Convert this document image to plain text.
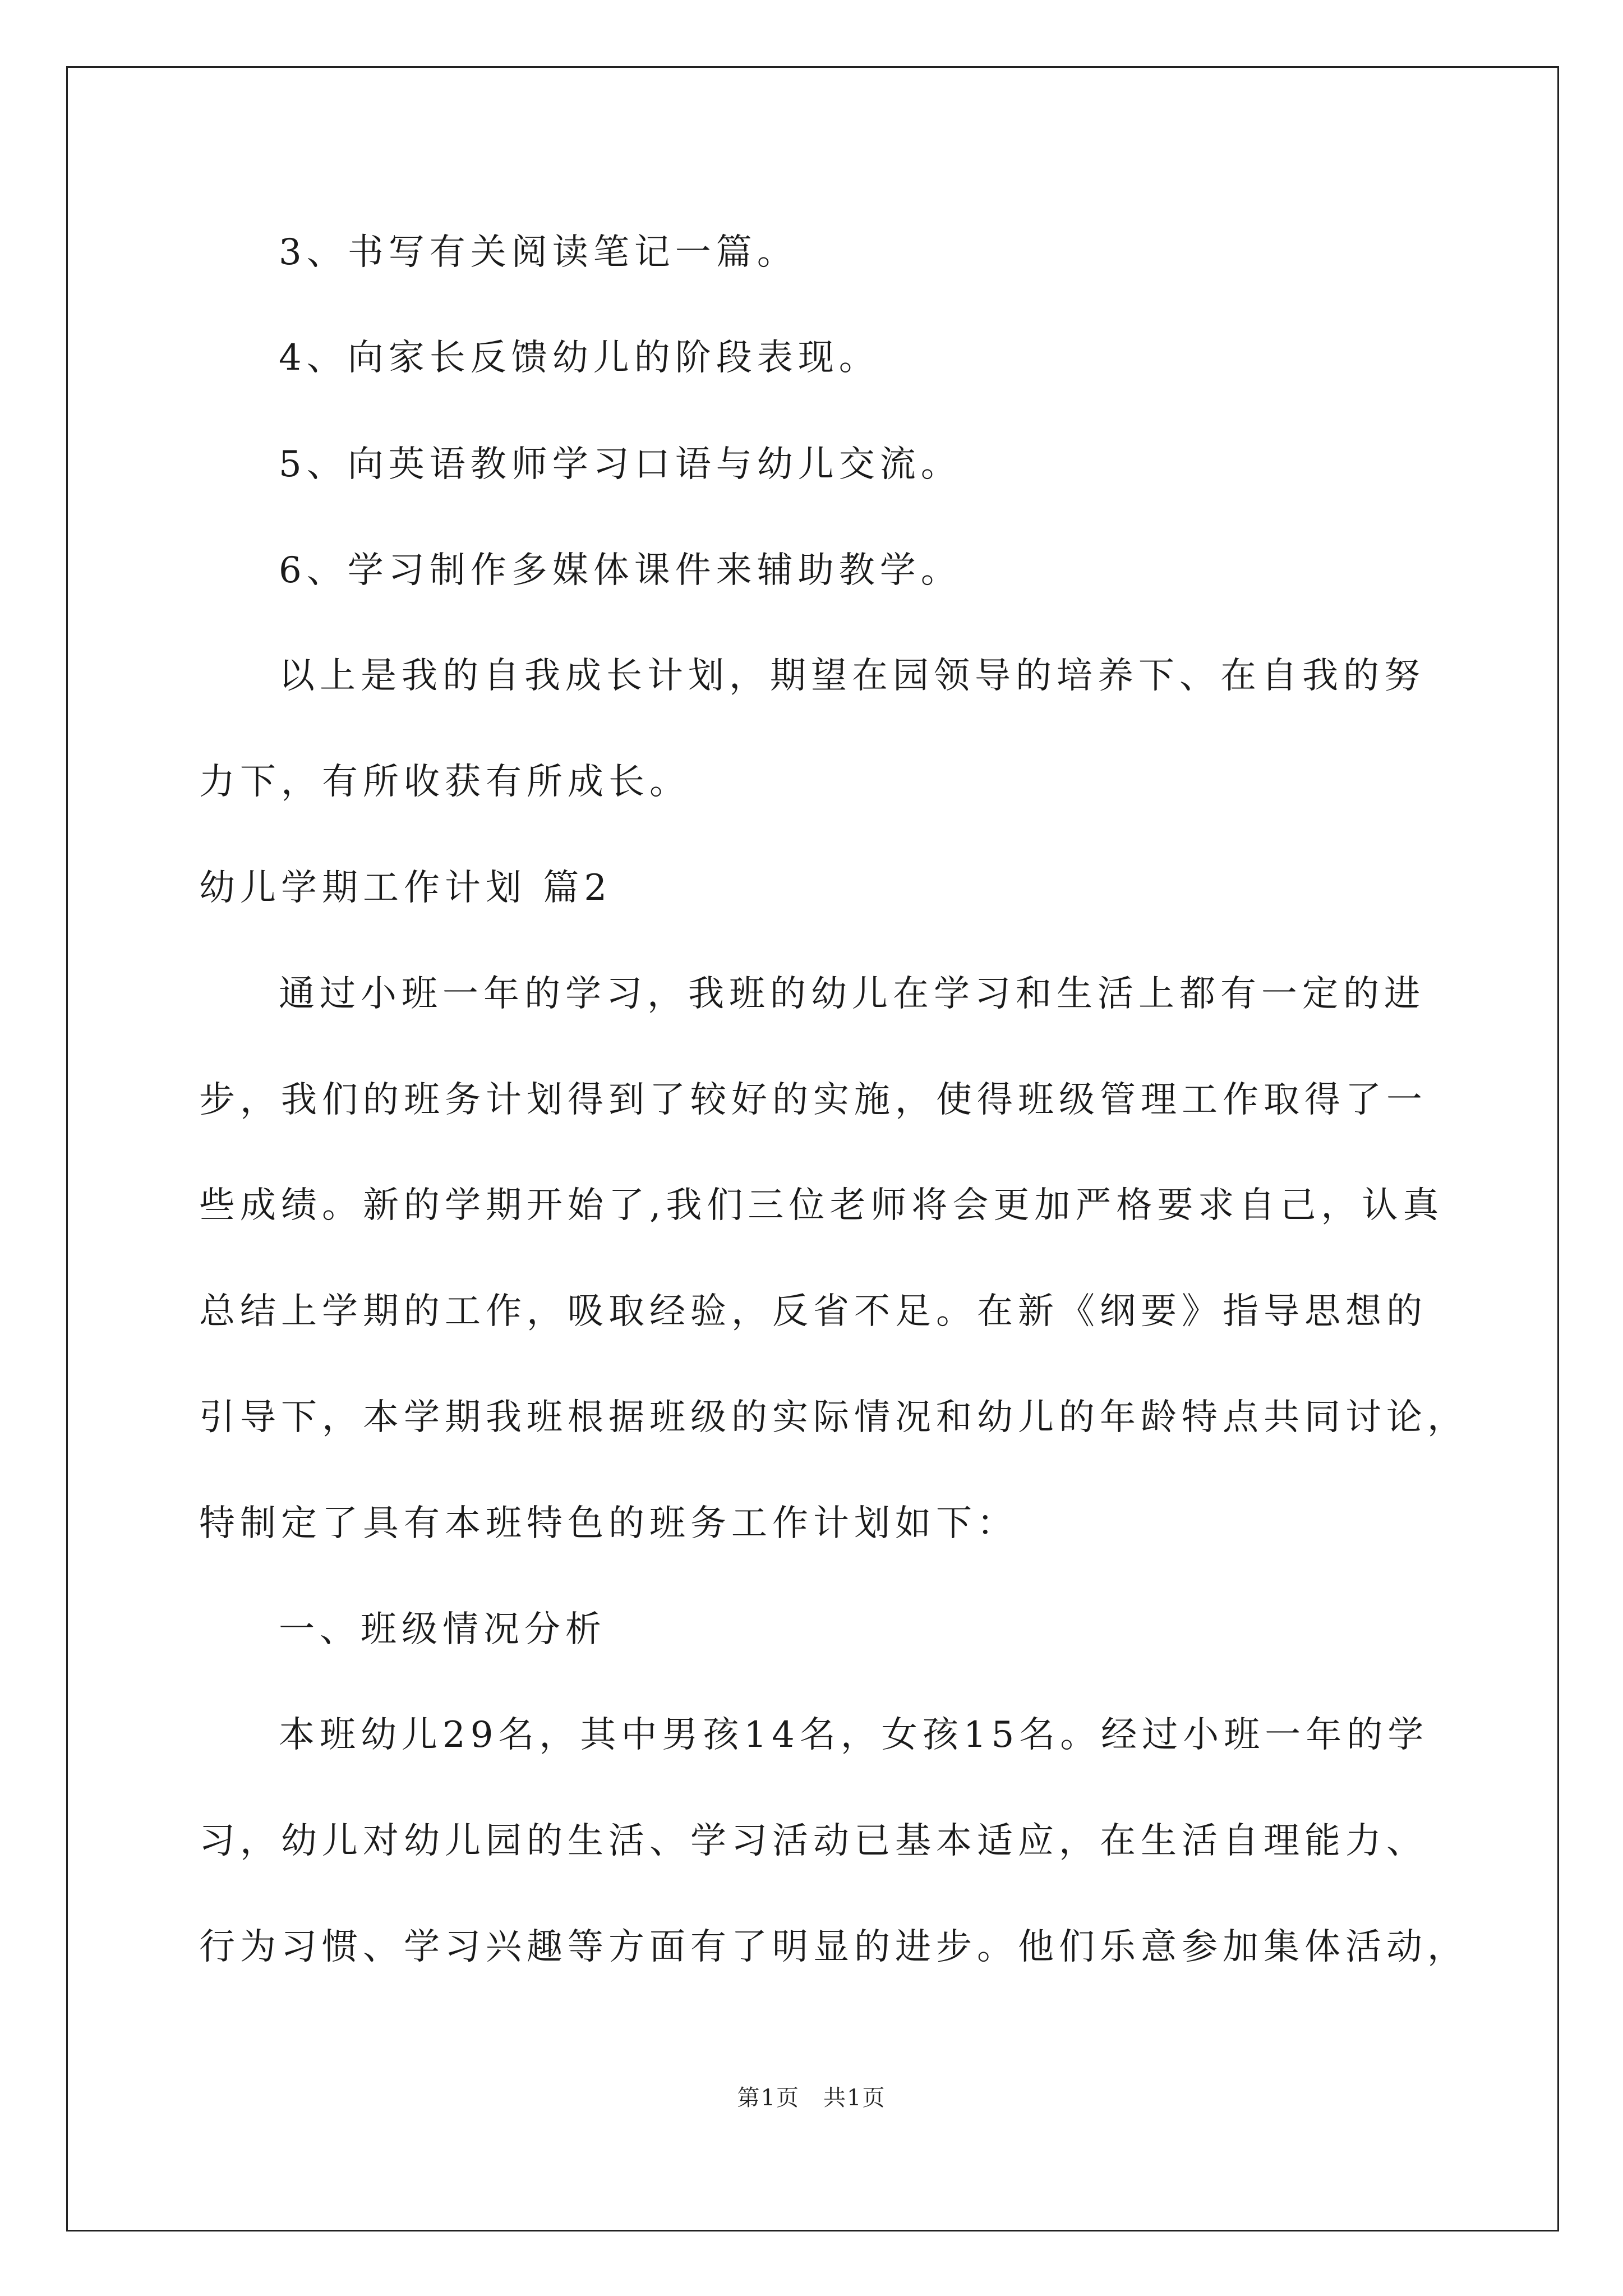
3、书写有关阅读笔记一篇。
4、向家长反馈幼儿的阶段表现。
5、向英语教师学习口语与幼儿交流。
6、学习制作多媒体课件来辅助教学。
以上是我的自我成长计划，期望在园领导的培养下、在自我的努
力下，有所收获有所成长。
幼儿学期工作计划 篇2
通过小班一年的学习，我班的幼儿在学习和生活上都有一定的进
步，我们的班务计划得到了较好的实施，使得班级管理工作取得了一
些成绩。新的学期开始了,我们三位老师将会更加严格要求自己，认真
总结上学期的工作，吸取经验，反省不足。在新《纲要》指导思想的
引导下，本学期我班根据班级的实际情况和幼儿的年龄特点共同讨论，
特制定了具有本班特色的班务工作计划如下：
一、班级情况分析
本班幼儿29名，其中男孩14名，女孩15名。经过小班一年的学
习，幼儿对幼儿园的生活、学习活动已基本适应，在生活自理能力、
行为习惯、学习兴趣等方面有了明显的进步。他们乐意参加集体活动，
第1页　共1页
